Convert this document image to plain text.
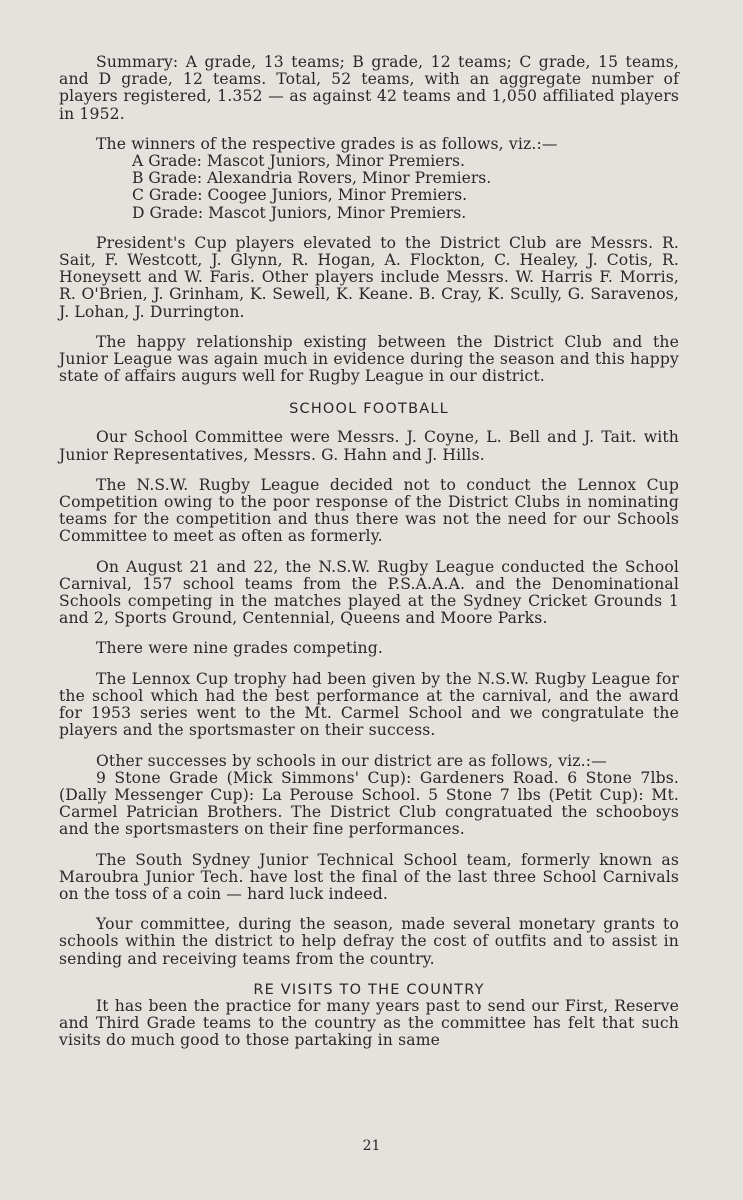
Summary: A grade, 13 teams; B grade, 12 teams; C grade, 15 teams, and D grade, 12 teams. Total, 52 teams, with an aggregate number of players registered, 1.352 — as against 42 teams and 1,050 affiliated players in 1952.

The winners of the respective grades is as follows, viz.:—

A Grade: Mascot Juniors, Minor Premiers.
B Grade: Alexandria Rovers, Minor Premiers.
C Grade: Coogee Juniors, Minor Premiers.
D Grade: Mascot Juniors, Minor Premiers.

President's Cup players elevated to the District Club are Messrs. R. Sait, F. Westcott, J. Glynn, R. Hogan, A. Flockton, C. Healey, J. Cotis, R. Honeysett and W. Faris. Other players include Messrs. W. Harris F. Morris, R. O'Brien, J. Grinham, K. Sewell, K. Keane. B. Cray, K. Scully, G. Saravenos, J. Lohan, J. Durrington.

The happy relationship existing between the District Club and the Junior League was again much in evidence during the season and this happy state of affairs augurs well for Rugby League in our district.

SCHOOL FOOTBALL

Our School Committee were Messrs. J. Coyne, L. Bell and J. Tait. with Junior Representatives, Messrs. G. Hahn and J. Hills.

The N.S.W. Rugby League decided not to conduct the Lennox Cup Competition owing to the poor response of the District Clubs in nominating teams for the competition and thus there was not the need for our Schools Committee to meet as often as formerly.

On August 21 and 22, the N.S.W. Rugby League conducted the School Carnival, 157 school teams from the P.S.A.A.A. and the Denominational Schools competing in the matches played at the Sydney Cricket Grounds 1 and 2, Sports Ground, Centennial, Queens and Moore Parks.

There were nine grades competing.

The Lennox Cup trophy had been given by the N.S.W. Rugby League for the school which had the best performance at the carnival, and the award for 1953 series went to the Mt. Carmel School and we congratulate the players and the sportsmaster on their success.

Other successes by schools in our district are as follows, viz.:—

9 Stone Grade (Mick Simmons' Cup): Gardeners Road. 6 Stone 7lbs. (Dally Messenger Cup): La Perouse School. 5 Stone 7 lbs (Petit Cup): Mt. Carmel Patrician Brothers. The District Club congratuated the schooboys and the sportsmasters on their fine performances.

The South Sydney Junior Technical School team, formerly known as Maroubra Junior Tech. have lost the final of the last three School Carnivals on the toss of a coin — hard luck indeed.

Your committee, during the season, made several monetary grants to schools within the district to help defray the cost of outfits and to assist in sending and receiving teams from the country.

RE VISITS TO THE COUNTRY

It has been the practice for many years past to send our First, Reserve and Third Grade teams to the country as the committee has felt that such visits do much good to those partaking in same

21
